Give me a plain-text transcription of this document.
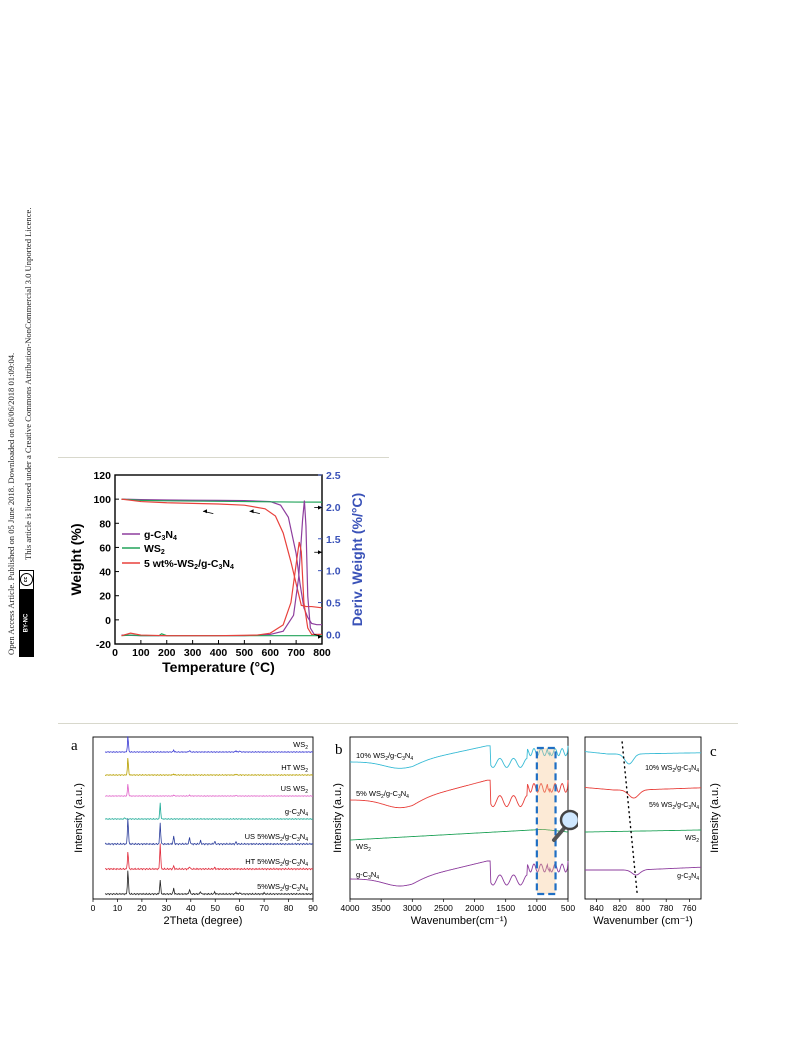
Open Access Article. Published on 05 June 2018. Downloaded on 06/06/2018 01:09:04. This article is licensed under a Creative Commons Attribution-NonCommercial 3.0 Unported Licence.
cc
BY-NC
0 100 200 300 400 500 600 700 800
-20
0
20
40
60
80
100
120
0.0
0.5
1.0
1.5
2.0
2.5
Temperature (°C)
Weight (%)	Deriv. Weight (%/°C)
g-C3N4
WS2
5 wt%-WS2/g-C3N4
0 10 20 30 40 50 60 70 80 90
2Theta (degree)
Intensity (a.u.)
a	$WS_2$
HT $WS_2$
US $WS_2$
$g-C_3N_4$
US $5\%WS_2/g-C_3N_4$
HT $5\%WS_2/g-C_3N_4$
$5\%WS_2/g-C_3N_4$
4000 3500 3000 2500 2000 1500 1000 500
Wavenumber(cm⁻¹)
Intensity (a.u.)
b 10% $WS_2/g-C_3N_4$
5% $WS_2/g-C_3N_4$
$WS_2$
$g-C_3N_4$
840 820 800 780 760
Wavenumber (cm⁻¹)
Intensity (a.u.)
c
10% $WS_2/g-C_3N_4$
5% $WS_2/g-C_3N_4$
$WS_2$
$g-C_3N_4$
